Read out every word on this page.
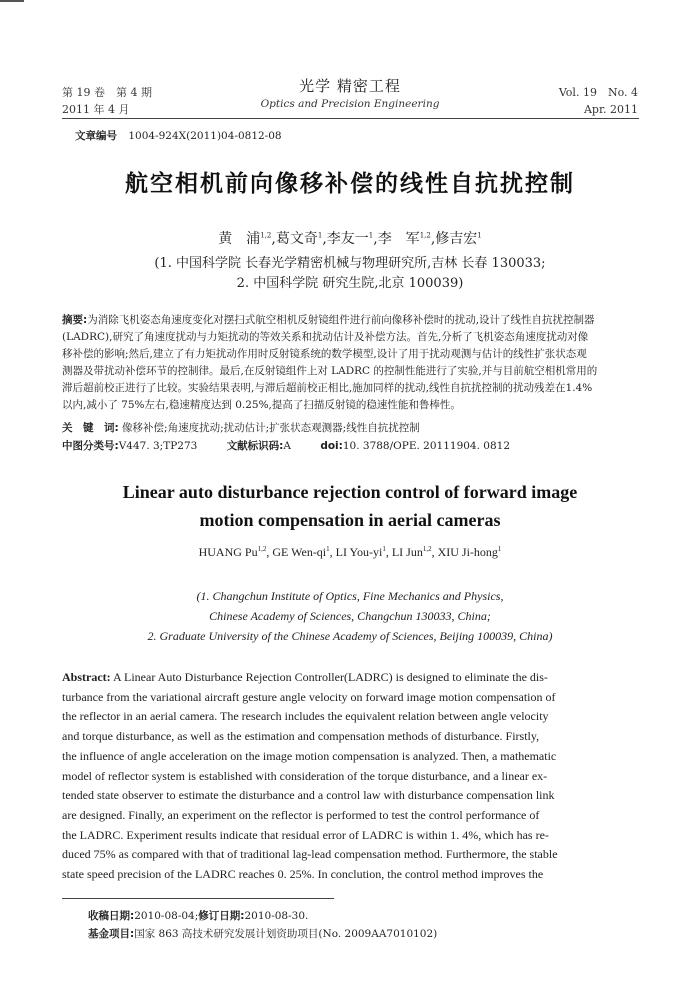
第 19 卷　第 4 期
2011 年 4 月
光学 精密工程
Optics and Precision Engineering
Vol. 19　No. 4
Apr. 2011
文章编号 1004-924X(2011)04-0812-08
航空相机前向像移补偿的线性自抗扰控制
黄　浦$^{1,2}$,葛文奇$^1$,李友一$^1$,李　军$^{1,2}$,修吉宏$^1$
(1. 中国科学院 长春光学精密机械与物理研究所,吉林 长春 130033;
2. 中国科学院 研究生院,北京 100039)
摘要:为消除飞机姿态角速度变化对摆扫式航空相机反射镜组件进行前向像移补偿时的扰动,设计了线性自抗扰控制器
(LADRC),研究了角速度扰动与力矩扰动的等效关系和扰动估计及补偿方法。首先,分析了飞机姿态角速度扰动对像
移补偿的影响;然后,建立了有力矩扰动作用时反射镜系统的数学模型,设计了用于扰动观测与估计的线性扩张状态观
测器及带扰动补偿环节的控制律。最后,在反射镜组件上对 LADRC 的控制性能进行了实验,并与目前航空相机常用的
滞后超前校正进行了比较。实验结果表明,与滞后超前校正相比,施加同样的扰动,线性自抗扰控制的扰动残差在1.4%
以内,减小了 75%左右,稳速精度达到 0.25%,提高了扫描反射镜的稳速性能和鲁棒性。
关　键　词: 像移补偿;角速度扰动;扰动估计;扩张状态观测器;线性自抗扰控制
中图分类号:V447. 3;TP273	文献标识码:A	doi:10. 3788/OPE. 20111904. 0812
Linear auto disturbance rejection control of forward image
motion compensation in aerial cameras
HUANG Pu$^{1,2}$, GE Wen-$qi^1$, LI You-$yi^1$, LI Jun$^{1,2}$, XIU Ji-hong$^1$
(1. Changchun Institute of Optics, Fine Mechanics and Physics,
Chinese Academy of Sciences, Changchun 130033, China;
2. Graduate University of the Chinese Academy of Sciences, Beijing 100039, China)
Abstract: A Linear Auto Disturbance Rejection Controller(LADRC) is designed to eliminate the dis-
turbance from the variational aircraft gesture angle velocity on forward image motion compensation of
the reflector in an aerial camera. The research includes the equivalent relation between angle velocity
and torque disturbance, as well as the estimation and compensation methods of disturbance. Firstly,
the influence of angle acceleration on the image motion compensation is analyzed. Then, a mathematic
model of reflector system is established with consideration of the torque disturbance, and a linear ex-
tended state observer to estimate the disturbance and a control law with disturbance compensation link
are designed. Finally, an experiment on the reflector is performed to test the control performance of
the LADRC. Experiment results indicate that residual error of LADRC is within 1. 4%, which has re-
duced 75% as compared with that of traditional lag-lead compensation method. Furthermore, the stable
state speed precision of the LADRC reaches 0. 25%. In conclution, the control method improves the
收稿日期:2010-08-04;修订日期:2010-08-30.
基金项目:国家 863 高技术研究发展计划资助项目(No. 2009AA7010102)
